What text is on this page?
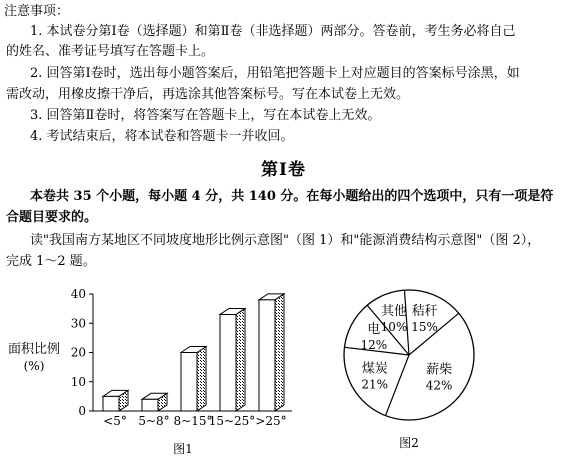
注意事项：
1. 本试卷分第Ⅰ卷（选择题）和第Ⅱ卷（非选择题）两部分。答卷前，考生务必将自己
的姓名、准考证号填写在答题卡上。
2. 回答第Ⅰ卷时，选出每小题答案后，用铅笔把答题卡上对应题目的答案标号涂黑，如
需改动，用橡皮擦干净后，再选涂其他答案标号。写在本试卷上无效。
3. 回答第Ⅱ卷时，将答案写在答题卡上，写在本试卷上无效。
4. 考试结束后，将本试卷和答题卡一并收回。
第Ⅰ卷
本卷共 35 个小题，每小题 4 分，共 140 分。在每小题给出的四个选项中，只有一项是符
合题目要求的。
读"我国南方某地区不同坡度地形比例示意图"（图 1）和"能源消费结构示意图"（图 2），
完成 1～2 题。
面积比例
(%)
0
10
20
30
40
<5° 5~8° 8~15°
15~25° >25°
图1
秸秆
15%
薪柴
42%
煤炭
21%
电
12%
其他
10%
图2
